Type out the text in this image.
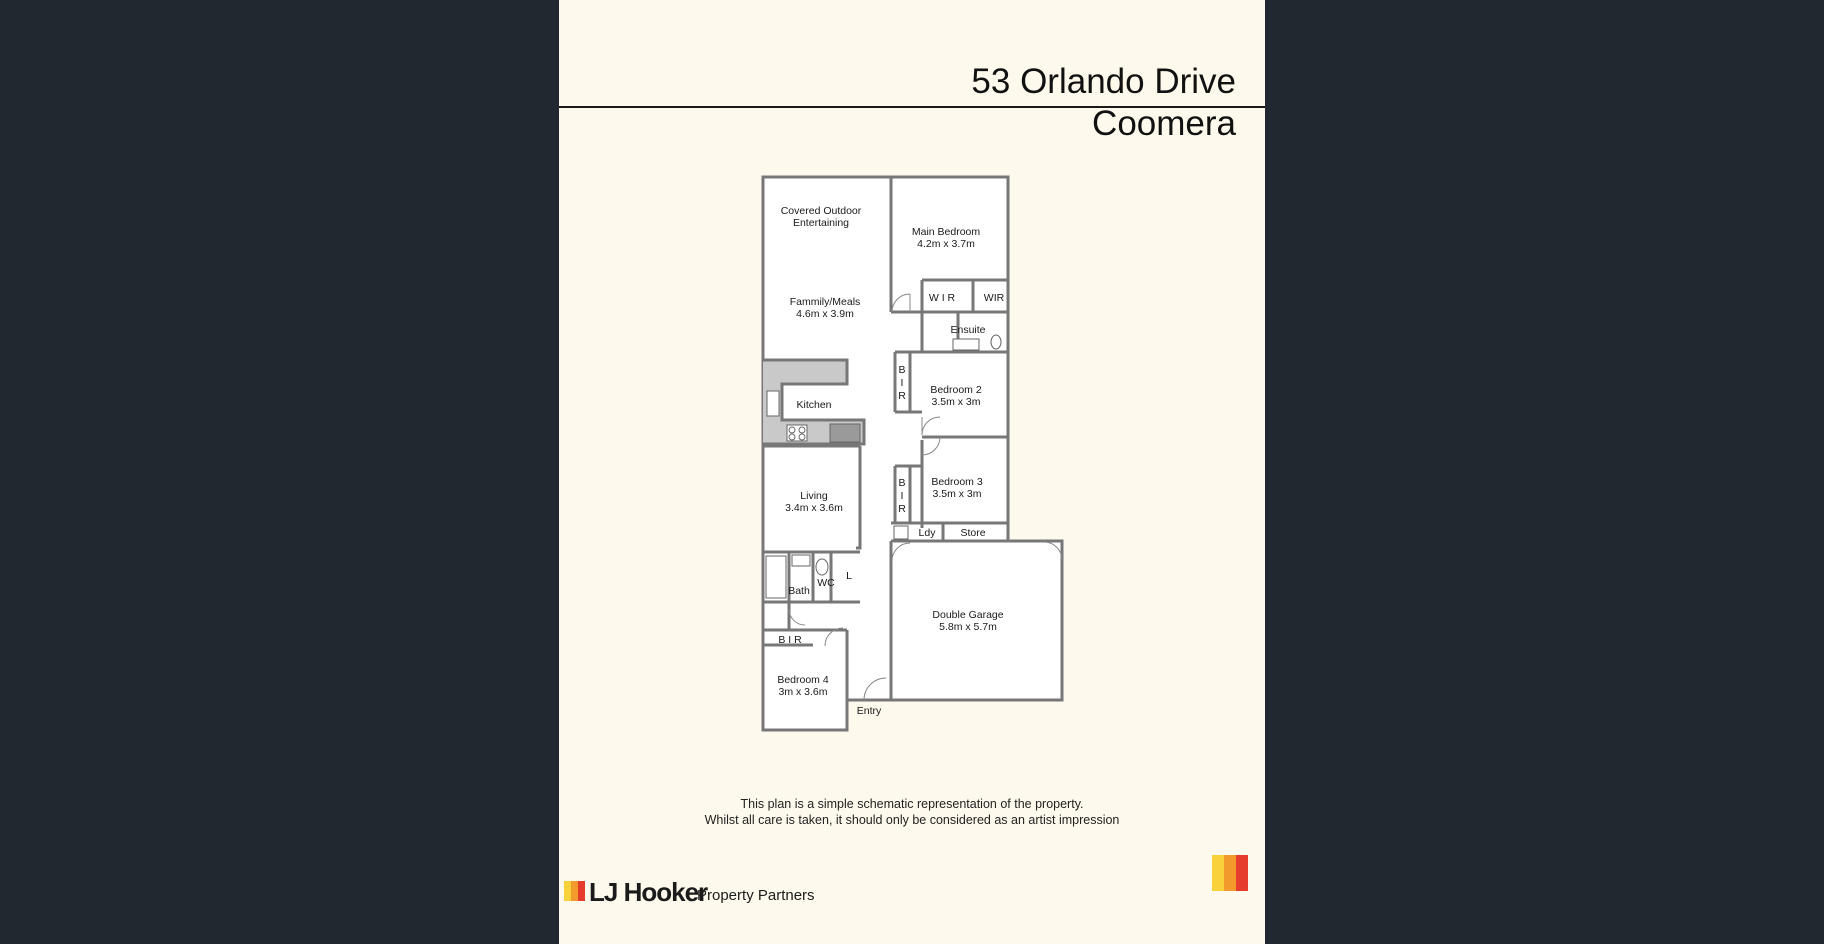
53 Orlando Drive
Coomera
Covered Outdoor
Entertaining
Main Bedroom
4.2m x 3.7m
W I R	WIR
Ensuite
Fammily/Meals
4.6m x 3.9m
Kitchen
B
I
R Bedroom 2
3.5m x 3m
B
I
R
Bedroom 3
3.5m x 3m
Living
3.4m x 3.6m
Ldy Store
Bath
WC
L
B I R
Double Garage
5.8m x 5.7m
Bedroom 4
3m x 3.6m
Entry
This plan is a simple schematic representation of the property.
Whilst all care is taken, it should only be considered as an artist impression
LJ Hooker
Property Partners
